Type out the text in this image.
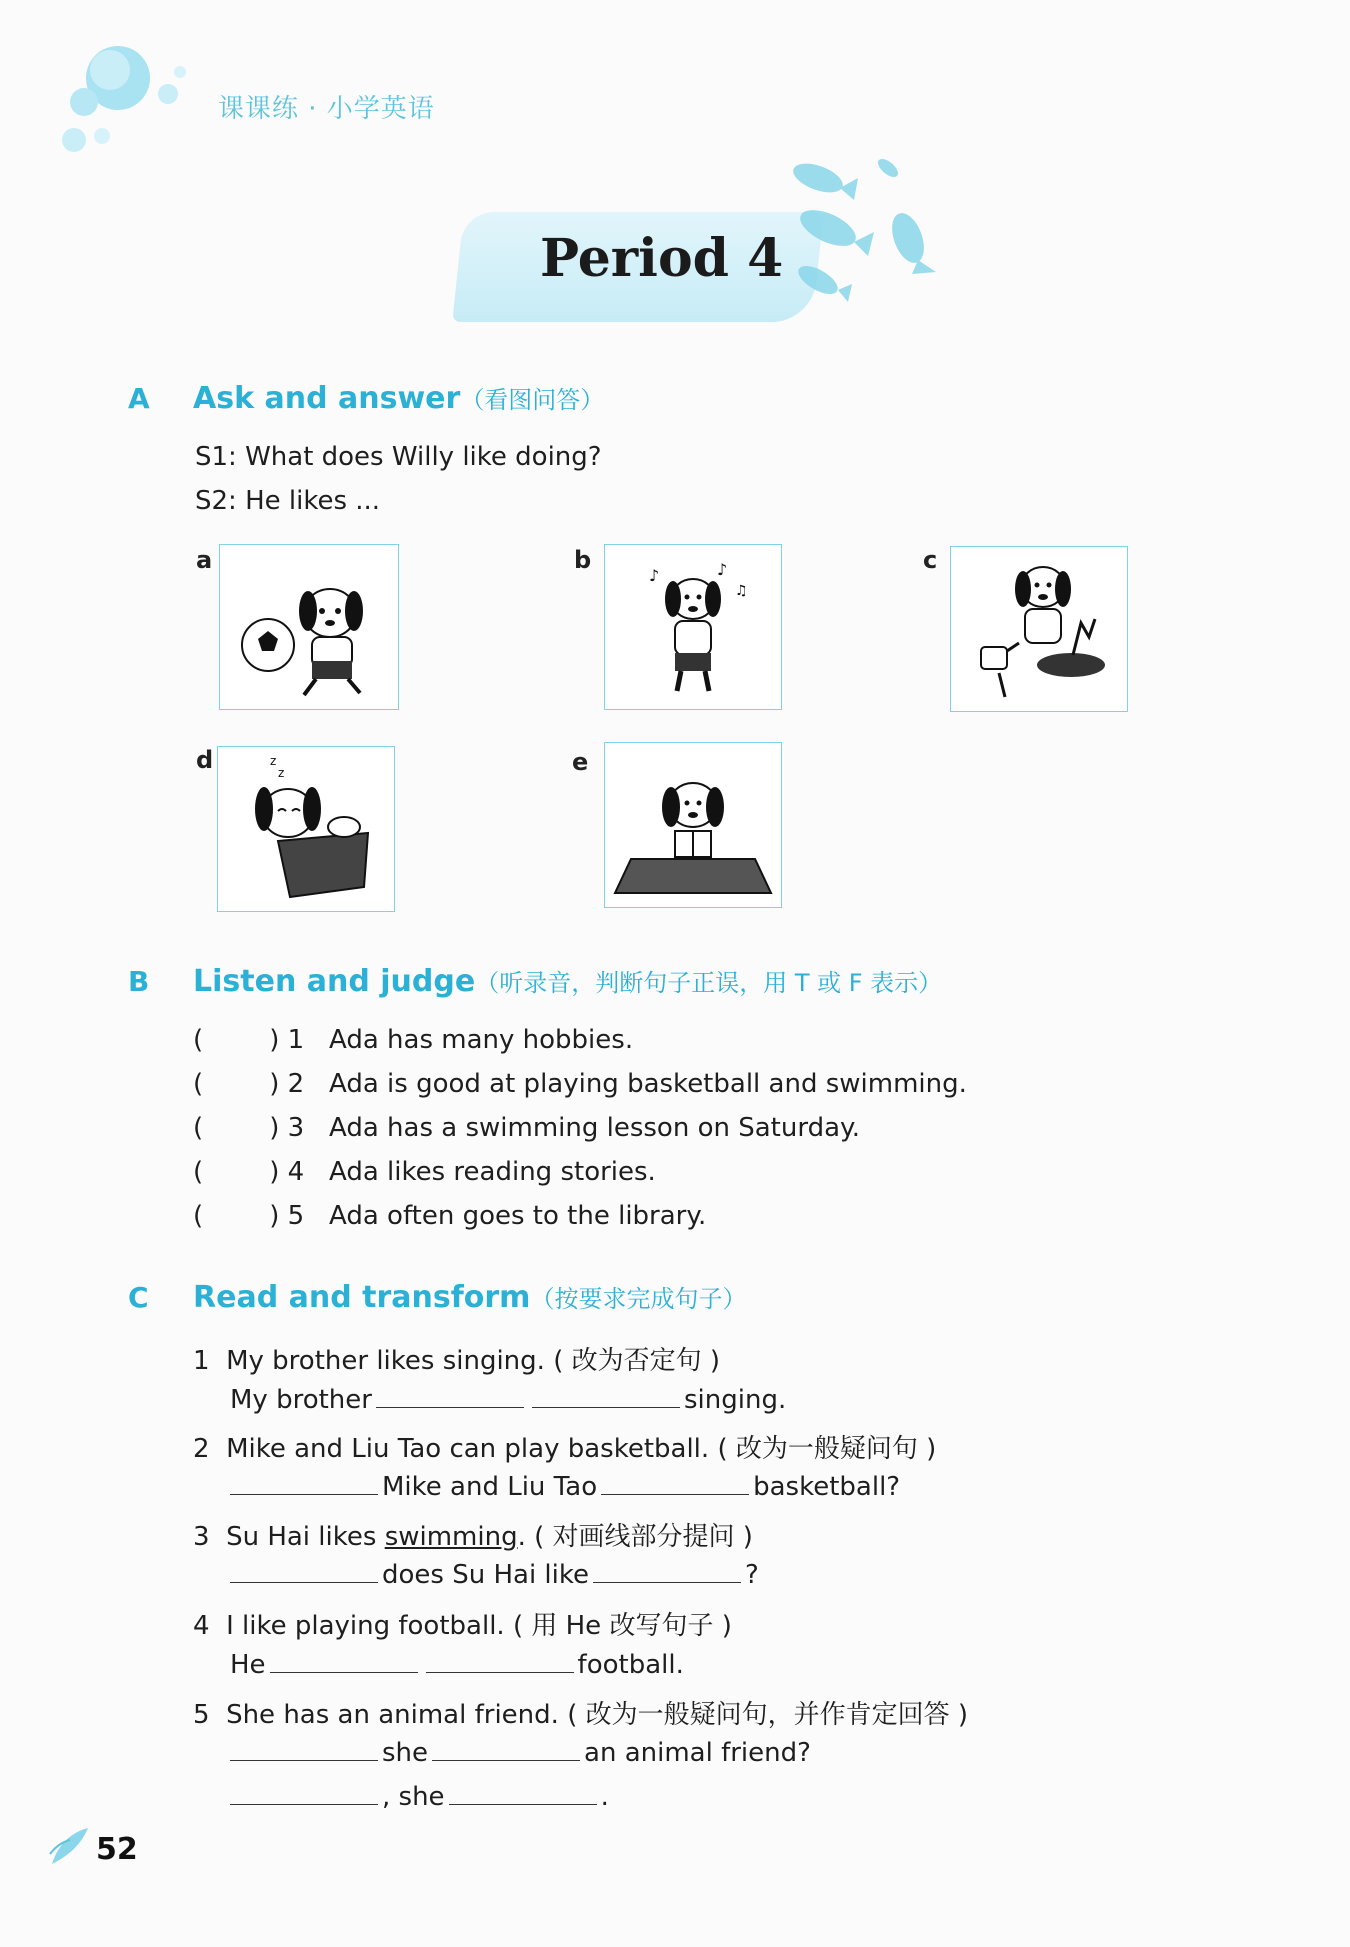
课课练 · 小学英语
Period 4
A Ask and answer（看图问答）
S1: What does Willy like doing?
S2: He likes ...
a	b
♪	♪
♫
c
d	z
z	e
B Listen and judge（听录音，判断句子正误，用 T 或 F 表示）
(        ) 1 Ada has many hobbies.
(        ) 2 Ada is good at playing basketball and swimming.
(        ) 3 Ada has a swimming lesson on Saturday.
(        ) 4 Ada likes reading stories.
(        ) 5 Ada often goes to the library.
C Read and transform（按要求完成句子）
1 My brother likes singing. ( 改为否定句 )
My brother	singing.
2 Mike and Liu Tao can play basketball. ( 改为一般疑问句 )
Mike and Liu Tao	basketball?
3 Su Hai likes swimming. ( 对画线部分提问 )
does Su Hai like	?
4 I like playing football. ( 用 He 改写句子 )
He	football.
5 She has an animal friend. ( 改为一般疑问句，并作肯定回答 )
she	an animal friend?
, she	.
52
